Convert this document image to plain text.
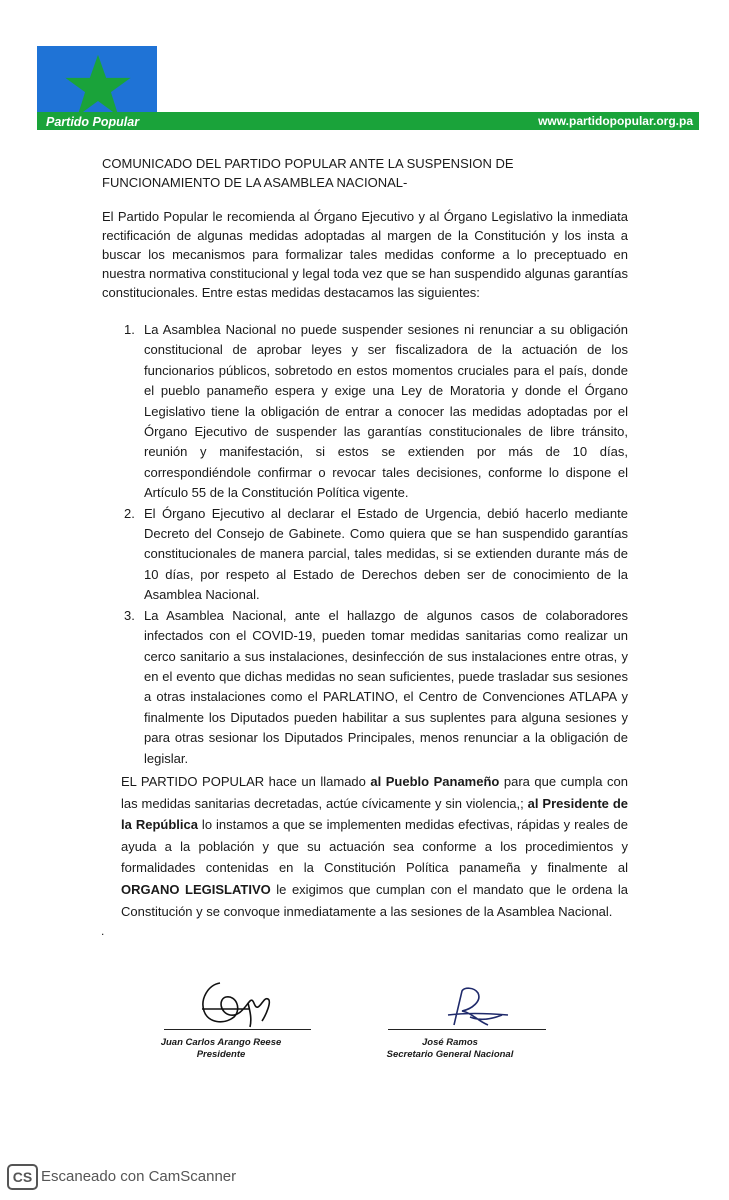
Partido Popular	www.partidopopular.org.pa
COMUNICADO DEL PARTIDO POPULAR ANTE LA SUSPENSION DE FUNCIONAMIENTO DE LA ASAMBLEA NACIONAL-
El Partido Popular le recomienda al Órgano Ejecutivo y al Órgano Legislativo la inmediata rectificación de algunas medidas adoptadas al margen de la Constitución y los insta a buscar los mecanismos para formalizar tales medidas conforme a lo preceptuado en nuestra normativa constitucional y legal toda vez que se han suspendido algunas garantías constitucionales. Entre estas medidas destacamos las siguientes:
1. La Asamblea Nacional no puede suspender sesiones ni renunciar a su obligación constitucional de aprobar leyes y ser fiscalizadora de la actuación de los funcionarios públicos, sobretodo en estos momentos cruciales para el país, donde el pueblo panameño espera y exige una Ley de Moratoria y donde el Órgano Legislativo tiene la obligación de entrar a conocer las medidas adoptadas por el Órgano Ejecutivo de suspender las garantías constitucionales de libre tránsito, reunión y manifestación, si estos se extienden por más de 10 días, correspondiéndole confirmar o revocar tales decisiones, conforme lo dispone el Artículo 55 de la Constitución Política vigente.
2. El Órgano Ejecutivo al declarar el Estado de Urgencia, debió hacerlo mediante Decreto del Consejo de Gabinete. Como quiera que se han suspendido garantías constitucionales de manera parcial, tales medidas, si se extienden durante más de 10 días, por respeto al Estado de Derechos deben ser de conocimiento de la Asamblea Nacional.
3. La Asamblea Nacional, ante el hallazgo de algunos casos de colaboradores infectados con el COVID-19, pueden tomar medidas sanitarias como realizar un cerco sanitario a sus instalaciones, desinfección de sus instalaciones entre otras, y en el evento que dichas medidas no sean suficientes, puede trasladar sus sesiones a otras instalaciones como el PARLATINO, el Centro de Convenciones ATLAPA y finalmente los Diputados pueden habilitar a sus suplentes para alguna sesiones y para otras sesionar los Diputados Principales, menos renunciar a la obligación de legislar.
EL PARTIDO POPULAR hace un llamado al Pueblo Panameño para que cumpla con las medidas sanitarias decretadas, actúe cívicamente y sin violencia,; al Presidente de la República lo instamos a que se implementen medidas efectivas, rápidas y reales de ayuda a la población y que su actuación sea conforme a los procedimientos y formalidades contenidas en la Constitución Política panameña y finalmente al ORGANO LEGISLATIVO le exigimos que cumplan con el mandato que le ordena la Constitución y se convoque inmediatamente a las sesiones de la Asamblea Nacional.
.
Juan Carlos Arango Reese
Presidente
José Ramos
Secretario General Nacional
CS Escaneado con CamScanner
